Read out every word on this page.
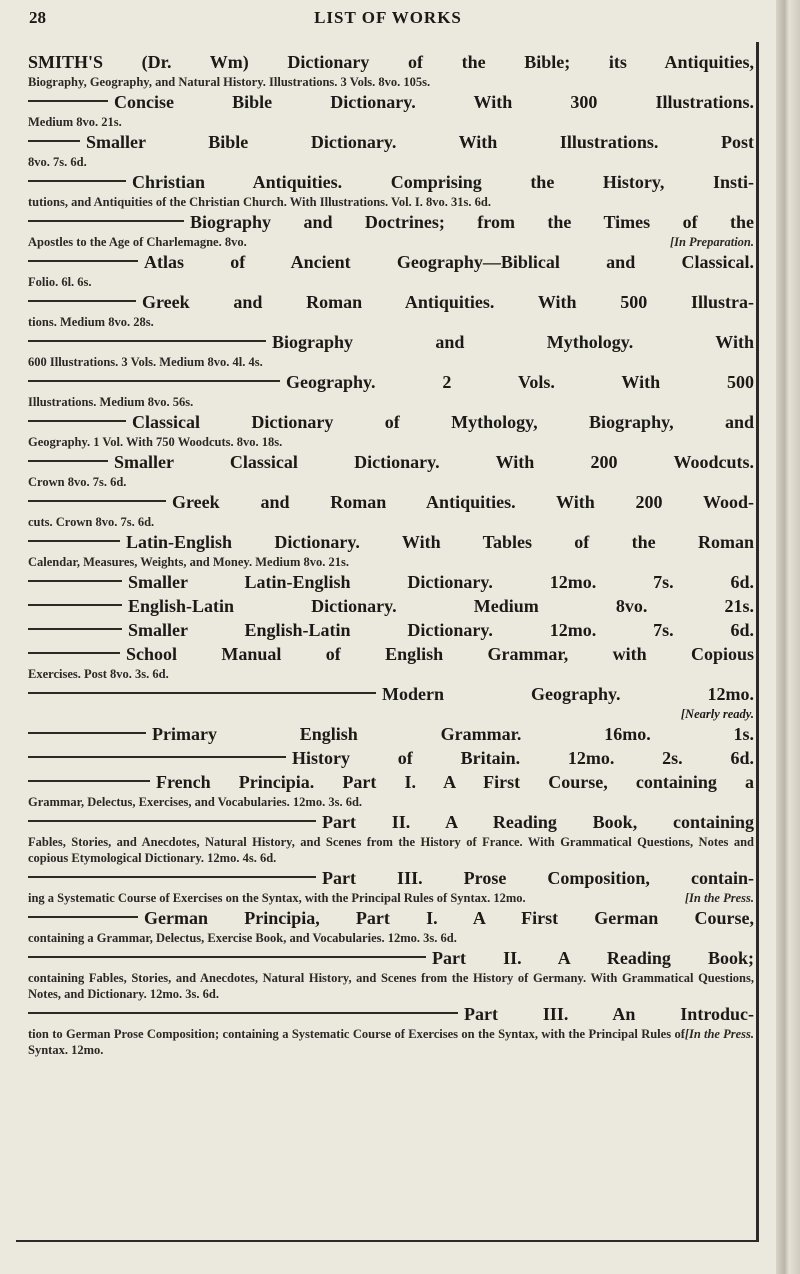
28	LIST OF WORKS
SMITH'S (Dr. Wm) Dictionary of the Bible; its Antiquities,
Biography, Geography, and Natural History. Illustrations. 3 Vols. 8vo. 105s.
Concise Bible Dictionary. With 300 Illustrations.
Medium 8vo. 21s.
Smaller Bible Dictionary. With Illustrations. Post
8vo. 7s. 6d.
Christian Antiquities. Comprising the History, Insti-
tutions, and Antiquities of the Christian Church. With Illustrations. Vol. I. 8vo. 31s. 6d.
Biography and Doctrines; from the Times of the
[In Preparation.
Apostles to the Age of Charlemagne. 8vo.
Atlas of Ancient Geography—Biblical and Classical.
Folio. 6l. 6s.
Greek and Roman Antiquities. With 500 Illustra-
tions. Medium 8vo. 28s.
Biography and Mythology. With
600 Illustrations. 3 Vols. Medium 8vo. 4l. 4s.
Geography. 2 Vols. With 500
Illustrations. Medium 8vo. 56s.
Classical Dictionary of Mythology, Biography, and
Geography. 1 Vol. With 750 Woodcuts. 8vo. 18s.
Smaller Classical Dictionary. With 200 Woodcuts.
Crown 8vo. 7s. 6d.
Greek and Roman Antiquities. With 200 Wood-
cuts. Crown 8vo. 7s. 6d.
Latin-English Dictionary. With Tables of the Roman
Calendar, Measures, Weights, and Money. Medium 8vo. 21s.
Smaller Latin-English Dictionary. 12mo. 7s. 6d.
English-Latin Dictionary. Medium 8vo. 21s.
Smaller English-Latin Dictionary. 12mo. 7s. 6d.
School Manual of English Grammar, with Copious
Exercises. Post 8vo. 3s. 6d.
Modern Geography. 12mo.
[Nearly ready.
Primary English Grammar. 16mo. 1s.
History of Britain. 12mo. 2s. 6d.
French Principia. Part I. A First Course, containing a
Grammar, Delectus, Exercises, and Vocabularies. 12mo. 3s. 6d.
Part II. A Reading Book, containing
Fables, Stories, and Anecdotes, Natural History, and Scenes from the History of France. With Grammatical Questions, Notes and copious Etymological Dictionary. 12mo. 4s. 6d.
Part III. Prose Composition, contain-
[In the Press.
ing a Systematic Course of Exercises on the Syntax, with the Principal Rules of Syntax. 12mo.
German Principia, Part I. A First German Course,
containing a Grammar, Delectus, Exercise Book, and Vocabularies. 12mo. 3s. 6d.
Part II. A Reading Book;
containing Fables, Stories, and Anecdotes, Natural History, and Scenes from the History of Germany. With Grammatical Questions, Notes, and Dictionary. 12mo. 3s. 6d.
Part III. An Introduc-
[In the Press.
tion to German Prose Composition; containing a Systematic Course of Exercises on the Syntax, with the Principal Rules of Syntax. 12mo.
